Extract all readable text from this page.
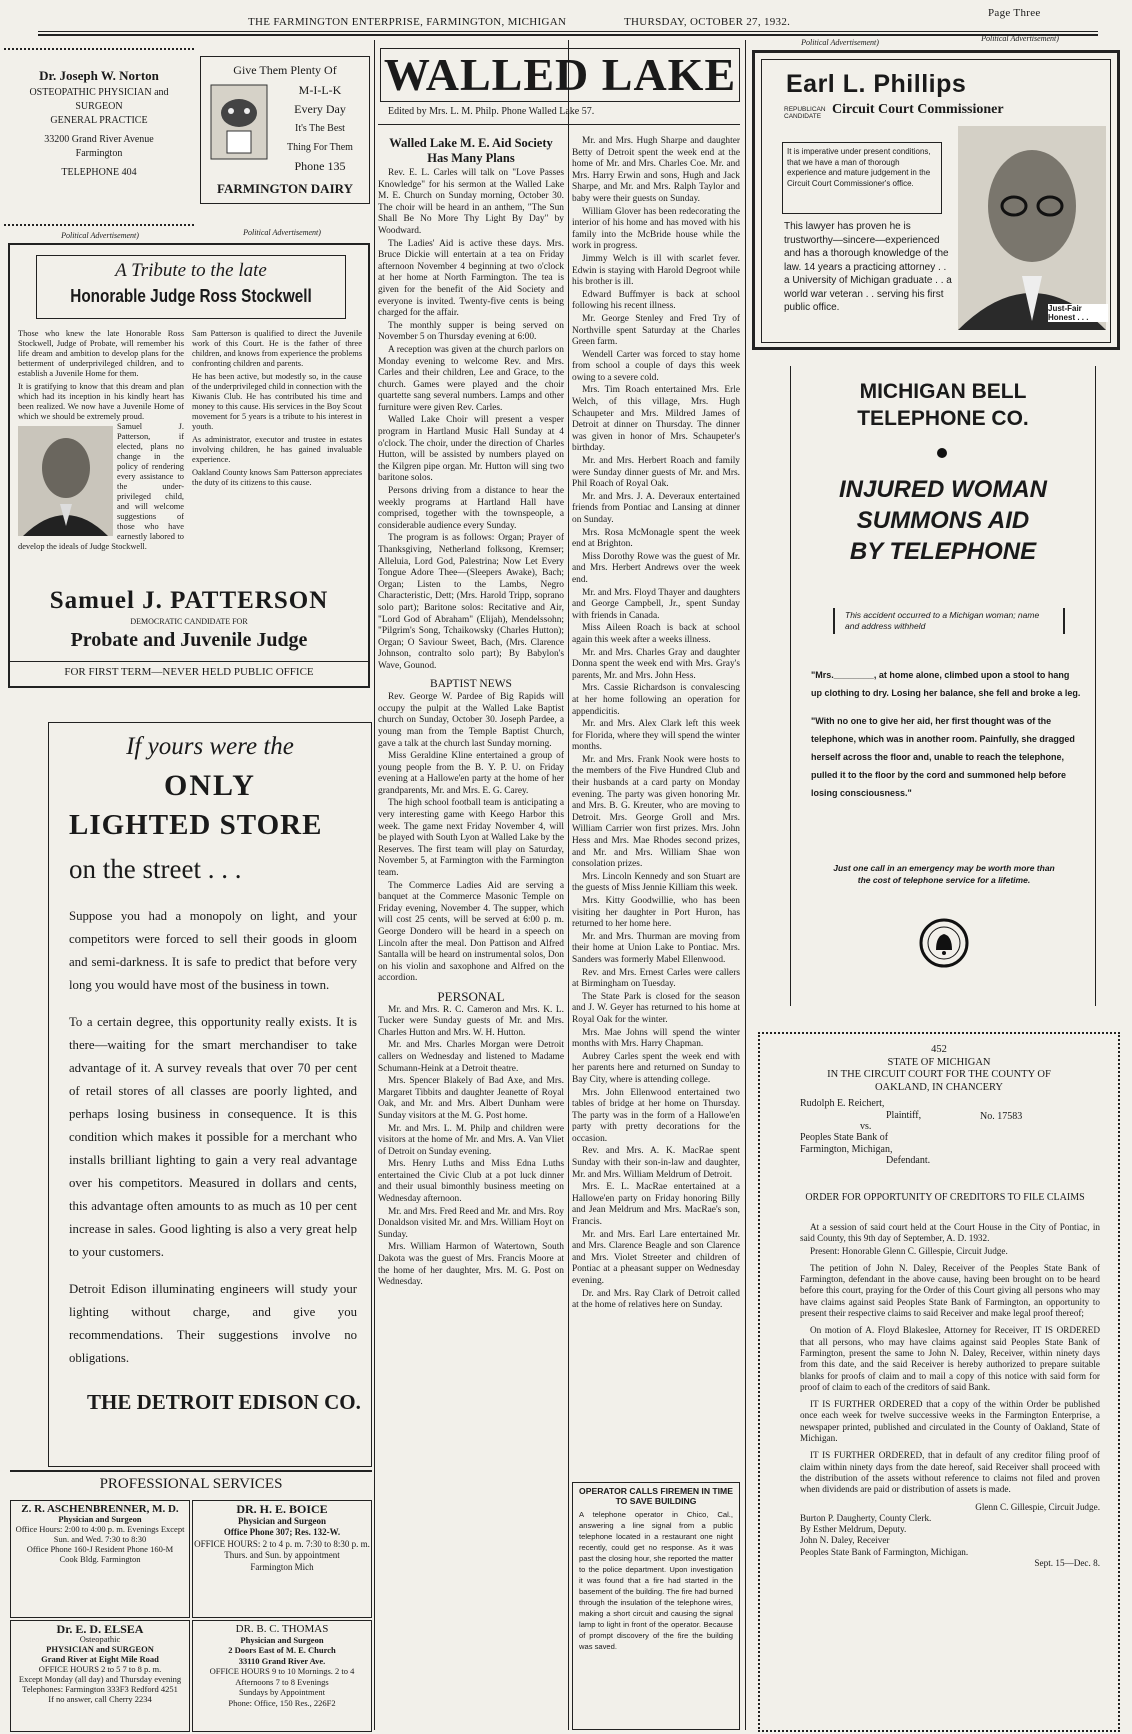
THE FARMINGTON ENTERPRISE, FARMINGTON, MICHIGAN	THURSDAY, OCTOBER 27, 1932.
Page Three
Dr. Joseph W. Norton
OSTEOPATHIC PHYSICIAN and
SURGEON
GENERAL PRACTICE
33200 Grand River Avenue
Farmington
TELEPHONE 404
Give Them Plenty Of
M-I-L-K
Every Day
It's The Best
Thing For Them
Phone 135
FARMINGTON DAIRY
Political Advertisement)	Political Advertisement)
A Tribute to the late
Honorable Judge Ross Stockwell
Those who knew the late Honorable Ross Stockwell, Judge of Probate, will remember his life dream and ambition to develop plans for the betterment of underprivileged children, and to establish a Juvenile Home for them.
It is gratifying to know that this dream and plan which had its inception in his kindly heart has been realized. We now have a Juvenile Home of which we should be extremely proud.
Samuel J. Patterson, if elected, plans no change in the policy of rendering every assistance to the under-privileged child, and will welcome suggestions of those who have earnestly labored to develop the ideals of Judge Stockwell.
Sam Patterson is qualified to direct the Juvenile work of this Court. He is the father of three children, and knows from experience the problems confronting children and parents.
He has been active, but modestly so, in the cause of the underprivileged child in connection with the Kiwanis Club. He has contributed his time and money to this cause. His services in the Boy Scout movement for 5 years is a tribute to his interest in youth.
As administrator, executor and trustee in estates involving children, he has gained invaluable experience.
Oakland County knows Sam Patterson appreciates the duty of its citizens to this cause.
Samuel J. PATTERSON
DEMOCRATIC CANDIDATE FOR
Probate and Juvenile Judge
FOR FIRST TERM—NEVER HELD PUBLIC OFFICE
If yours were the
ONLY
LIGHTED STORE
on the street . . .
Suppose you had a monopoly on light, and your competitors were forced to sell their goods in gloom and semi-darkness. It is safe to predict that before very long you would have most of the business in town.
To a certain degree, this opportunity really exists. It is there—waiting for the smart merchandiser to take advantage of it. A survey reveals that over 70 per cent of retail stores of all classes are poorly lighted, and perhaps losing business in consequence. It is this condition which makes it possible for a merchant who installs brilliant lighting to gain a very real advantage over his competitors. Measured in dollars and cents, this advantage often amounts to as much as 10 per cent increase in sales. Good lighting is also a very great help to your customers.
Detroit Edison illuminating engineers will study your lighting without charge, and give you recommendations. Their suggestions involve no obligations.
THE DETROIT EDISON CO.
PROFESSIONAL SERVICES
Z. R. ASCHENBRENNER, M. D.
Physician and Surgeon
Office Hours: 2:00 to 4:00 p. m. Evenings Except Sun. and Wed. 7:30 to 8:30
Office Phone 160-J Resident Phone 160-M
Cook Bldg. Farmington
DR. H. E. BOICE
Physician and Surgeon
Office Phone 307; Res. 132-W.
OFFICE HOURS: 2 to 4 p. m. 7:30 to 8:30 p. m.
Thurs. and Sun. by appointment
Farmington Mich
Dr. E. D. ELSEA
Osteopathic
PHYSICIAN and SURGEON
Grand River at Eight Mile Road
OFFICE HOURS 2 to 5 7 to 8 p. m.
Except Monday (all day) and Thursday evening
Telephones: Farmington 333F3 Redford 4251
If no answer, call Cherry 2234
DR. B. C. THOMAS
Physician and Surgeon
2 Doors East of M. E. Church
33110 Grand River Ave.
OFFICE HOURS 9 to 10 Mornings. 2 to 4 Afternoons 7 to 8 Evenings
Sundays by Appointment
Phone: Office, 150 Res., 226F2
WALLED LAKE
Edited by Mrs. L. M. Philp. Phone Walled Lake 57.
Walled Lake M. E. Aid Society Has Many Plans

Rev. E. L. Carles will talk on "Love Passes Knowledge" for his sermon at the Walled Lake M. E. Church on Sunday morning, October 30. The choir will be heard in an anthem, "The Sun Shall Be No More Thy Light By Day" by Woodward.

The Ladies' Aid is active these days. Mrs. Bruce Dickie will entertain at a tea on Friday afternoon November 4 beginning at two o'clock at her home at North Farmington. The tea is given for the benefit of the Aid Society and everyone is invited. Twenty-five cents is being charged for the affair.

The monthly supper is being served on November 5 on Thursday evening at 6:00.

A reception was given at the church parlors on Monday evening to welcome Rev. and Mrs. Carles and their children, Lee and Grace, to the church. Games were played and the choir quartette sang several numbers. Lamps and other furniture were given Rev. Carles.

Walled Lake Choir will present a vesper program in Hartland Music Hall Sunday at 4 o'clock. The choir, under the direction of Charles Hutton, will be assisted by numbers played on the Kilgren pipe organ. Mr. Hutton will sing two baritone solos.

Persons driving from a distance to hear the weekly programs at Hartland Hall have comprised, together with the townspeople, a considerable audience every Sunday.

The program is as follows: Organ; Prayer of Thanksgiving, Netherland folksong, Kremser; Alleluia, Lord God, Palestrina; Now Let Every Tongue Adore Thee—(Sleepers Awake), Bach; Organ; Listen to the Lambs, Negro Characteristic, Dett; (Mrs. Harold Tripp, soprano solo part); Baritone solos: Recitative and Air, "Lord God of Abraham" (Elijah), Mendelssohn; "Pilgrim's Song, Tchaikowsky (Charles Hutton); Organ; O Saviour Sweet, Bach, (Mrs. Clarence Johnson, contralto solo part); By Babylon's Wave, Gounod.

BAPTIST NEWS

Rev. George W. Pardee of Big Rapids will occupy the pulpit at the Walled Lake Baptist church on Sunday, October 30. Joseph Pardee, a young man from the Temple Baptist Church, gave a talk at the church last Sunday morning.

Miss Geraldine Kline entertained a group of young people from the B. Y. P. U. on Friday evening at a Hallowe'en party at the home of her grandparents, Mr. and Mrs. E. G. Carey.

The high school football team is anticipating a very interesting game with Keego Harbor this week. The game next Friday November 4, will be played with South Lyon at Walled Lake by the Reserves. The first team will play on Saturday, November 5, at Farmington with the Farmington team.

The Commerce Ladies Aid are serving a banquet at the Commerce Masonic Temple on Friday evening, November 4. The supper, which will cost 25 cents, will be served at 6:00 p. m. George Dondero will be heard in a speech on Lincoln after the meal. Don Pattison and Alfred Santalla will be heard on instrumental solos, Don on his violin and saxophone and Alfred on the accordion.

PERSONAL

Mr. and Mrs. R. C. Cameron and Mrs. K. L. Tucker were Sunday guests of Mr. and Mrs. Charles Hutton and Mrs. W. H. Hutton.

Mr. and Mrs. Charles Morgan were Detroit callers on Wednesday and listened to Madame Schumann-Heink at a Detroit theatre.

Mrs. Spencer Blakely of Bad Axe, and Mrs. Margaret Tibbits and daughter Jeanette of Royal Oak, and Mr. and Mrs. Albert Dunham were Sunday visitors at the M. G. Post home.

Mr. and Mrs. L. M. Philp and children were visitors at the home of Mr. and Mrs. A. Van Vliet of Detroit on Sunday evening.

Mrs. Henry Luths and Miss Edna Luths entertained the Civic Club at a pot luck dinner and their usual bimonthly business meeting on Wednesday afternoon.

Mr. and Mrs. Fred Reed and Mr. and Mrs. Roy Donaldson visited Mr. and Mrs. William Hoyt on Sunday.

Mrs. William Harmon of Watertown, South Dakota was the guest of Mrs. Francis Moore at the home of her daughter, Mrs. M. G. Post on Wednesday.

Mr. and Mrs. Hugh Sharpe and daughter Betty of Detroit spent the week end at the home of Mr. and Mrs. Charles Coe. Mr. and Mrs. Harry Erwin and sons, Hugh and Jack Sharpe, and Mr. and Mrs. Ralph Taylor and baby were their guests on Sunday.

William Glover has been redecorating the interior of his home and has moved with his family into the McBride house while the work in progress.

Jimmy Welch is ill with scarlet fever. Edwin is staying with Harold Degroot while his brother is ill.

Edward Buffmyer is back at school following his recent illness.

Mr. George Stenley and Fred Try of Northville spent Saturday at the Charles Green farm.

Wendell Carter was forced to stay home from school a couple of days this week owing to a severe cold.

Mrs. Tim Roach entertained Mrs. Erle Welch, of this village, Mrs. Hugh Schaupeter and Mrs. Mildred James of Detroit at dinner on Thursday. The dinner was given in honor of Mrs. Schaupeter's birthday.

Mr. and Mrs. Herbert Roach and family were Sunday dinner guests of Mr. and Mrs. Phil Roach of Royal Oak.

Mr. and Mrs. J. A. Deveraux entertained friends from Pontiac and Lansing at dinner on Sunday.

Mrs. Rosa McMonagle spent the week end at Brighton.

Miss Dorothy Rowe was the guest of Mr. and Mrs. Herbert Andrews over the week end.

Mr. and Mrs. Floyd Thayer and daughters and George Campbell, Jr., spent Sunday with friends in Canada.

Miss Aileen Roach is back at school again this week after a weeks illness.

Mr. and Mrs. Charles Gray and daughter Donna spent the week end with Mrs. Gray's parents, Mr. and Mrs. John Hess.

Mrs. Cassie Richardson is convalescing at her home following an operation for appendicitis.

Mr. and Mrs. Alex Clark left this week for Florida, where they will spend the winter months.

Mr. and Mrs. Frank Nook were hosts to the members of the Five Hundred Club and their husbands at a card party on Monday evening. The party was given honoring Mr. and Mrs. B. G. Kreuter, who are moving to Detroit. Mrs. George Groll and Mrs. William Carrier won first prizes. Mrs. John Hess and Mrs. Mae Rhodes second prizes, and Mr. and Mrs. William Shae won consolation prizes.

Mrs. Lincoln Kennedy and son Stuart are the guests of Miss Jennie Killiam this week.

Mrs. Kitty Goodwillie, who has been visiting her daughter in Port Huron, has returned to her home here.

Mr. and Mrs. Thurman are moving from their home at Union Lake to Pontiac. Mrs. Sanders was formerly Mabel Ellenwood.

Rev. and Mrs. Ernest Carles were callers at Birmingham on Tuesday.

The State Park is closed for the season and J. W. Geyer has returned to his home at Royal Oak for the winter.

Mrs. Mae Johns will spend the winter months with Mrs. Harry Chapman.

Aubrey Carles spent the week end with her parents here and returned on Sunday to Bay City, where is attending college.

Mrs. John Ellenwood entertained two tables of bridge at her home on Thursday. The party was in the form of a Hallowe'en party with pretty decorations for the occasion.

Rev. and Mrs. A. K. MacRae spent Sunday with their son-in-law and daughter, Mr. and Mrs. William Meldrum of Detroit.

Mrs. E. L. MacRae entertained at a Hallowe'en party on Friday honoring Billy and Jean Meldrum and Mrs. MacRae's son, Francis.

Mr. and Mrs. Earl Lare entertained Mr. and Mrs. Clarence Beagle and son Clarence and Mrs. Violet Streeter and children of Pontiac at a pheasant supper on Wednesday evening.

Dr. and Mrs. Ray Clark of Detroit called at the home of relatives here on Sunday.

OPERATOR CALLS FIREMEN IN TIME TO SAVE BUILDING
A telephone operator in Chico, Cal., answering a line signal from a public telephone located in a restaurant one night recently, could get no response. As it was past the closing hour, she reported the matter to the police department. Upon investigation it was found that a fire had started in the basement of the building. The fire had burned through the insulation of the telephone wires, making a short circuit and causing the signal lamp to light in front of the operator. Because of prompt discovery of the fire the building was saved.
Political Advertisement)	Political Advertisement)
Earl L. Phillips
REPUBLICAN CANDIDATE Circuit Court Commissioner
It is imperative under present conditions, that we have a man of thorough experience and mature judgement in the Circuit Court Commissioner's office.
This lawyer has proven he is trustworthy—sincere—experienced and has a thorough knowledge of the law. 14 years a practicing attorney . . a University of Michigan graduate . . a world war veteran . . serving his first public office.	Just-Fair Honest . . .
MICHIGAN BELL
TELEPHONE CO.
INJURED WOMAN
SUMMONS AID
BY TELEPHONE
This accident occurred to a Michigan woman; name and address withheld
"Mrs.________, at home alone, climbed upon a stool to hang up clothing to dry. Losing her balance, she fell and broke a leg.
"With no one to give her aid, her first thought was of the telephone, which was in another room. Painfully, she dragged herself across the floor and, unable to reach the telephone, pulled it to the floor by the cord and summoned help before losing consciousness."
Just one call in an emergency may be worth more than the cost of telephone service for a lifetime.
452
STATE OF MICHIGAN
IN THE CIRCUIT COURT FOR THE COUNTY OF
OAKLAND, IN CHANCERY
Rudolph E. Reichert,
Plaintiff,
vs.
No. 17583
Peoples State Bank of
Farmington, Michigan,
Defendant.
ORDER FOR OPPORTUNITY OF CREDITORS TO FILE CLAIMS

At a session of said court held at the Court House in the City of Pontiac, in said County, this 9th day of September, A. D. 1932.

Present: Honorable Glenn C. Gillespie, Circuit Judge.

The petition of John N. Daley, Receiver of the Peoples State Bank of Farmington, defendant in the above cause, having been brought on to be heard before this court, praying for the Order of this Court giving all persons who may have claims against said Peoples State Bank of Farmington, an opportunity to present their respective claims to said Receiver and make legal proof thereof;

On motion of A. Floyd Blakeslee, Attorney for Receiver, IT IS ORDERED that all persons, who may have claims against said Peoples State Bank of Farmington, present the same to John N. Daley, Receiver, within ninety days from this date, and the said Receiver is hereby authorized to prepare suitable blanks for proofs of claim and to mail a copy of this notice with said form for proof of claim to each of the creditors of said Bank.

IT IS FURTHER ORDERED that a copy of the within Order be published once each week for twelve successive weeks in the Farmington Enterprise, a newspaper printed, published and circulated in the County of Oakland, State of Michigan.

IT IS FURTHER ORDERED, that in default of any creditor filing proof of claim within ninety days from the date hereof, said Receiver shall proceed with the distribution of the assets without reference to claims not filed and proven when dividends are paid or distribution of assets is made.

Glenn C. Gillespie, Circuit Judge.
Burton P. Daugherty, County Clerk.
By Esther Meldrum, Deputy.
John N. Daley, Receiver
Peoples State Bank of Farmington, Michigan.
Sept. 15—Dec. 8.
